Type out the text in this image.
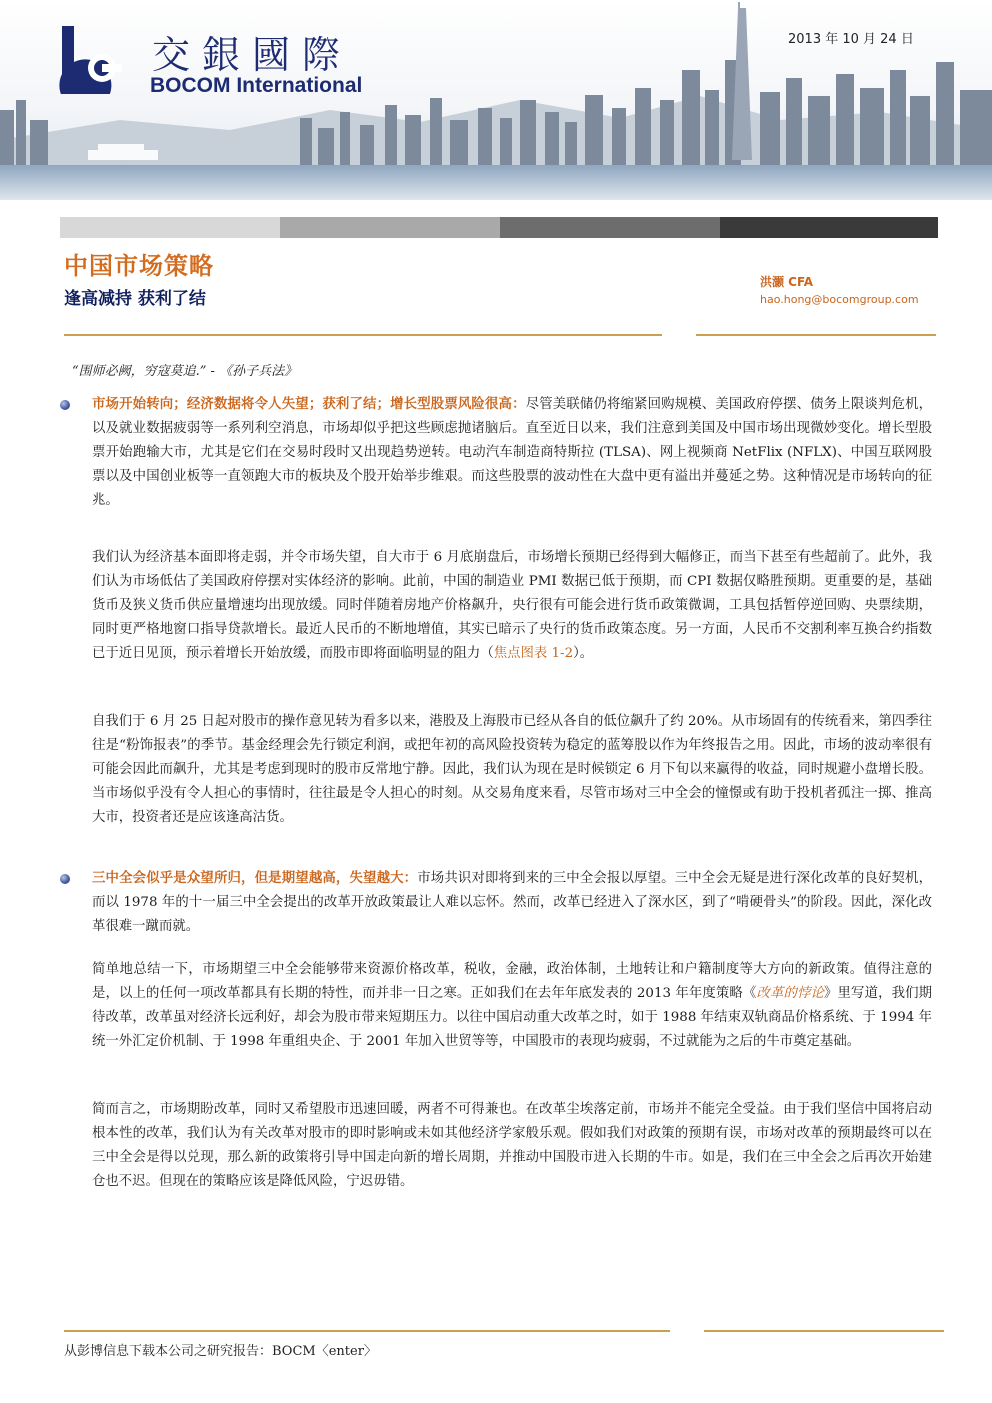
交銀國際
BOCOM International
2013 年 10 月 24 日
中国市场策略
逢高减持 获利了结
洪灏 CFA
hao.hong@bocomgroup.com
“围师必阙，穷寇莫追.” - 《孙子兵法》
市场开始转向；经济数据将令人失望；获利了结；增长型股票风险很高：尽管美联储仍将缩紧回购规模、美国政府停摆、债务上限谈判危机，以及就业数据疲弱等一系列利空消息，市场却似乎把这些顾虑抛诸脑后。直至近日以来，我们注意到美国及中国市场出现微妙变化。增长型股票开始跑输大市，尤其是它们在交易时段时又出现趋势逆转。电动汽车制造商特斯拉 (TLSA)、网上视频商 NetFlix (NFLX)、中国互联网股票以及中国创业板等一直领跑大市的板块及个股开始举步维艰。而这些股票的波动性在大盘中更有溢出并蔓延之势。这种情况是市场转向的征兆。
我们认为经济基本面即将走弱，并令市场失望，自大市于 6 月底崩盘后，市场增长预期已经得到大幅修正，而当下甚至有些超前了。此外，我们认为市场低估了美国政府停摆对实体经济的影响。此前，中国的制造业 PMI 数据已低于预期，而 CPI 数据仅略胜预期。更重要的是，基础货币及狭义货币供应量增速均出现放缓。同时伴随着房地产价格飙升，央行很有可能会进行货币政策微调，工具包括暂停逆回购、央票续期，同时更严格地窗口指导贷款增长。最近人民币的不断地增值，其实已暗示了央行的货币政策态度。另一方面，人民币不交割利率互换合约指数已于近日见顶，预示着增长开始放缓，而股市即将面临明显的阻力（焦点图表 1-2）。
自我们于 6 月 25 日起对股市的操作意见转为看多以来，港股及上海股市已经从各自的低位飙升了约 20%。从市场固有的传统看来，第四季往往是“粉饰报表”的季节。基金经理会先行锁定利润，或把年初的高风险投资转为稳定的蓝筹股以作为年终报告之用。因此，市场的波动率很有可能会因此而飙升，尤其是考虑到现时的股市反常地宁静。因此，我们认为现在是时候锁定 6 月下旬以来赢得的收益，同时规避小盘增长股。当市场似乎没有令人担心的事情时，往往最是令人担心的时刻。从交易角度来看，尽管市场对三中全会的憧憬或有助于投机者孤注一掷、推高大市，投资者还是应该逢高沽货。
三中全会似乎是众望所归，但是期望越高，失望越大：市场共识对即将到来的三中全会报以厚望。三中全会无疑是进行深化改革的良好契机，而以 1978 年的十一届三中全会提出的改革开放政策最让人难以忘怀。然而，改革已经进入了深水区，到了“啃硬骨头”的阶段。因此，深化改革很难一蹴而就。
简单地总结一下，市场期望三中全会能够带来资源价格改革，税收，金融，政治体制，土地转让和户籍制度等大方向的新政策。值得注意的是，以上的任何一项改革都具有长期的特性，而并非一日之寒。正如我们在去年年底发表的 2013 年年度策略《改革的悖论》里写道，我们期待改革，改革虽对经济长远利好，却会为股市带来短期压力。以往中国启动重大改革之时，如于 1988 年结束双轨商品价格系统、于 1994 年统一外汇定价机制、于 1998 年重组央企、于 2001 年加入世贸等等，中国股市的表现均疲弱，不过就能为之后的牛市奠定基础。
简而言之，市场期盼改革，同时又希望股市迅速回暖，两者不可得兼也。在改革尘埃落定前，市场并不能完全受益。由于我们坚信中国将启动根本性的改革，我们认为有关改革对股市的即时影响或未如其他经济学家般乐观。假如我们对政策的预期有误，市场对改革的预期最终可以在三中全会是得以兑现，那么新的政策将引导中国走向新的增长周期，并推动中国股市进入长期的牛市。如是，我们在三中全会之后再次开始建仓也不迟。但现在的策略应该是降低风险，宁迟毋错。
从彭博信息下载本公司之研究报告：BOCM〈enter〉
